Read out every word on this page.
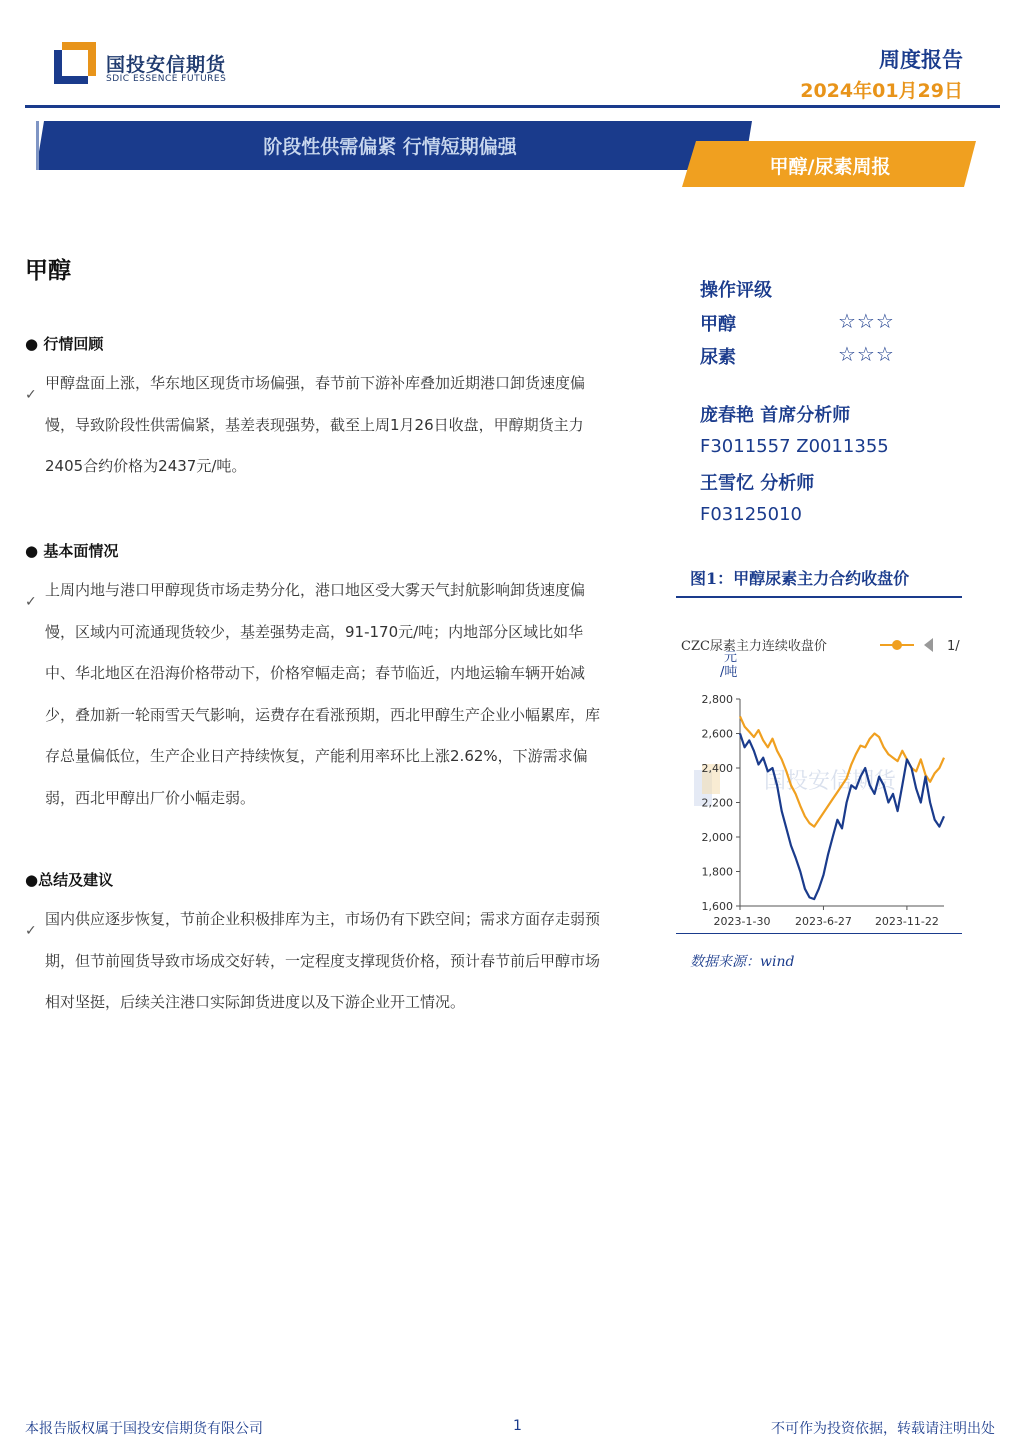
国投安信期货
SDIC ESSENCE FUTURES
周度报告
2024年01月29日
阶段性供需偏紧 行情短期偏强
甲醇/尿素周报
甲醇
● 行情回顾
✓
甲醇盘面上涨，华东地区现货市场偏强，春节前下游补库叠加近期港口卸货速度偏慢，导致阶段性供需偏紧，基差表现强势，截至上周1月26日收盘，甲醇期货主力2405合约价格为2437元/吨。
● 基本面情况
✓
上周内地与港口甲醇现货市场走势分化，港口地区受大雾天气封航影响卸货速度偏慢，区域内可流通现货较少，基差强势走高，91-170元/吨；内地部分区域比如华中、华北地区在沿海价格带动下，价格窄幅走高；春节临近，内地运输车辆开始减少，叠加新一轮雨雪天气影响，运费存在看涨预期，西北甲醇生产企业小幅累库，库存总量偏低位，生产企业日产持续恢复，产能利用率环比上涨2.62%，下游需求偏弱，西北甲醇出厂价小幅走弱。
●总结及建议
✓
国内供应逐步恢复，节前企业积极排库为主，市场仍有下跌空间；需求方面存走弱预期，但节前囤货导致市场成交好转，一定程度支撑现货价格，预计春节前后甲醇市场相对坚挺，后续关注港口实际卸货进度以及下游企业开工情况。
操作评级
甲醇	☆☆☆
尿素	☆☆☆
庞春艳 首席分析师
F3011557 Z0011355
王雪忆 分析师
F03125010
图1：甲醇尿素主力合约收盘价
国投安信期货
CZC尿素主力连续收盘价	1/
元
/吨
1,600
1,800
2,000
2,200
2,400
2,600
2,800
2023-1-30 2023-6-27 2023-11-22
数据来源：wind
本报告版权属于国投安信期货有限公司	1	不可作为投资依据，转载请注明出处
